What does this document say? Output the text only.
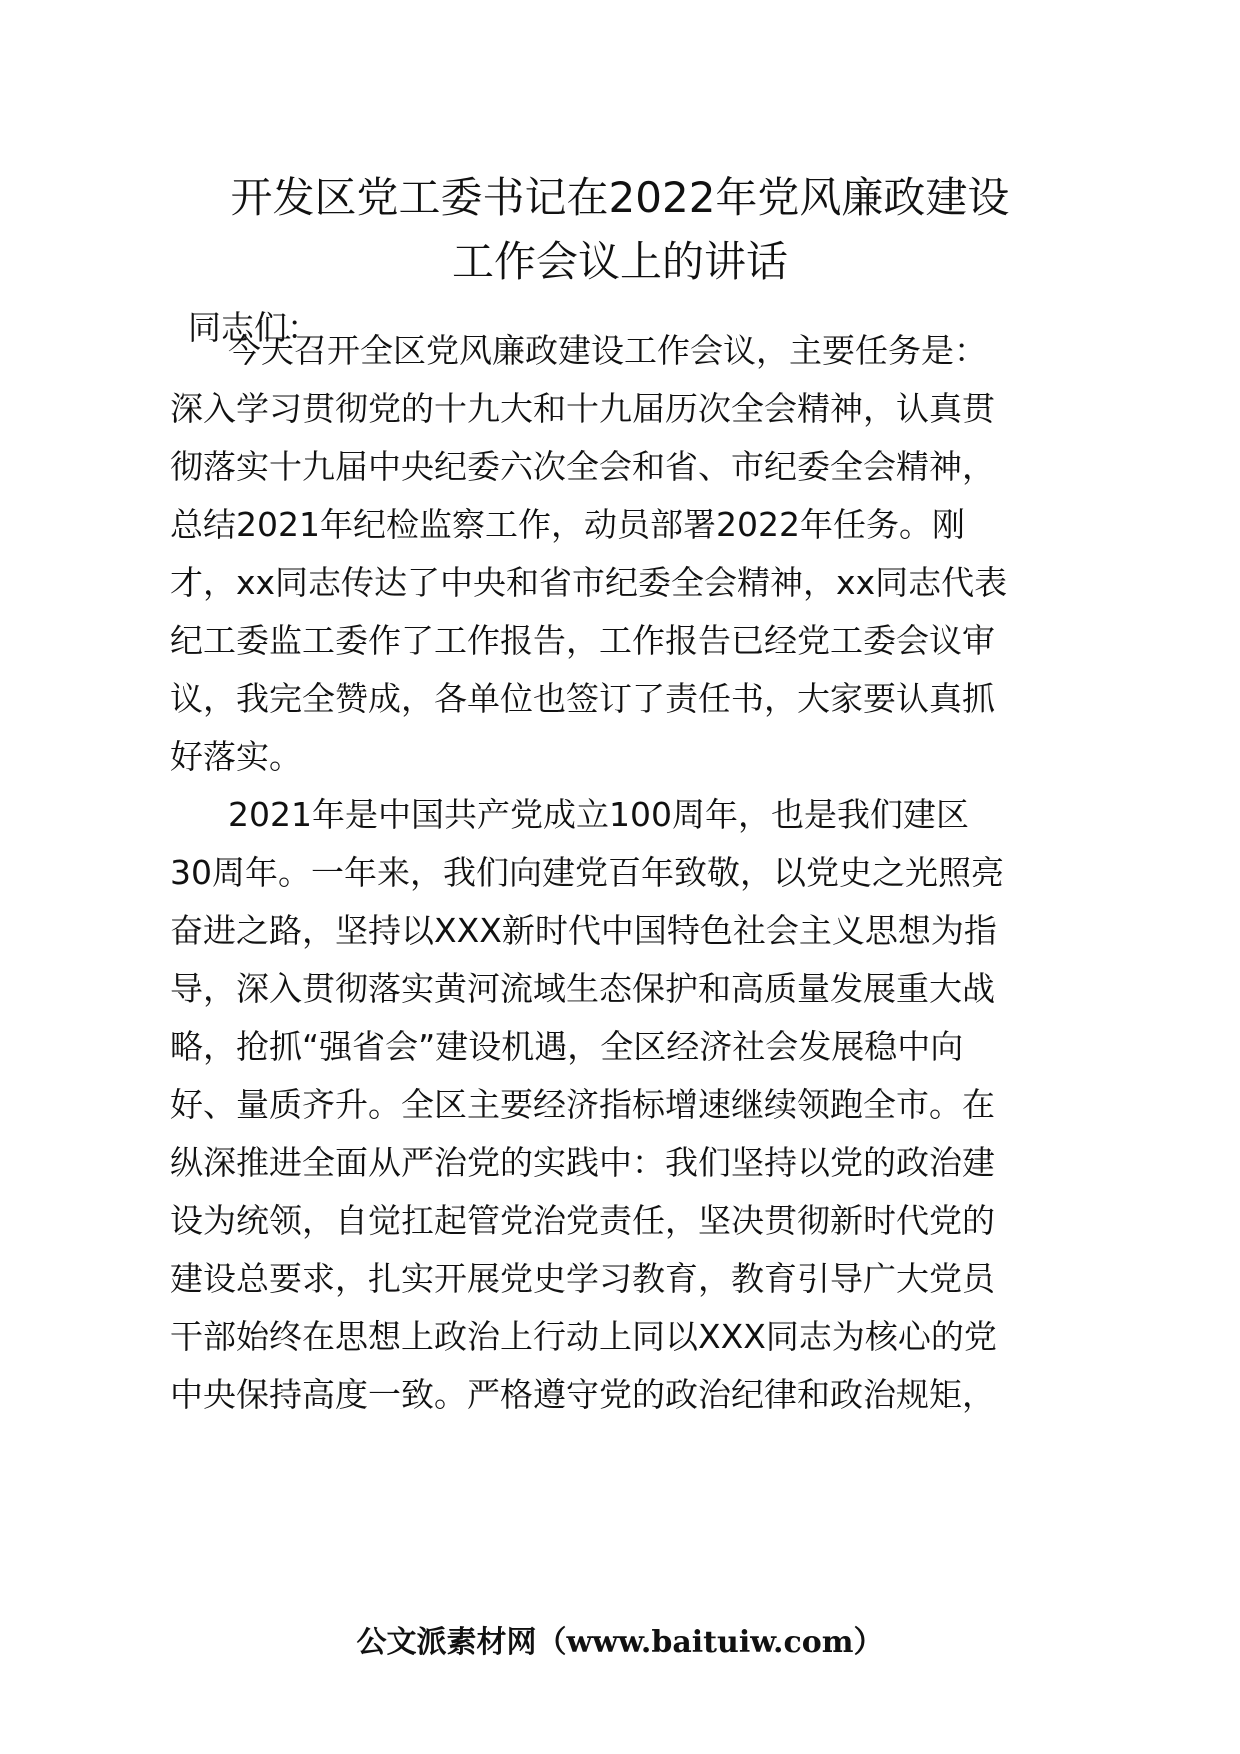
开发区党工委书记在2022年党风廉政建设
工作会议上的讲话
同志们：
今天召开全区党风廉政建设工作会议，主要任务是：
深入学习贯彻党的十九大和十九届历次全会精神，认真贯
彻落实十九届中央纪委六次全会和省、市纪委全会精神，
总结2021年纪检监察工作，动员部署2022年任务。刚
才，xx同志传达了中央和省市纪委全会精神，xx同志代表
纪工委监工委作了工作报告，工作报告已经党工委会议审
议，我完全赞成，各单位也签订了责任书，大家要认真抓
好落实。
2021年是中国共产党成立100周年，也是我们建区
30周年。一年来，我们向建党百年致敬，以党史之光照亮
奋进之路，坚持以XXX新时代中国特色社会主义思想为指
导，深入贯彻落实黄河流域生态保护和高质量发展重大战
略，抢抓“强省会”建设机遇，全区经济社会发展稳中向
好、量质齐升。全区主要经济指标增速继续领跑全市。在
纵深推进全面从严治党的实践中：我们坚持以党的政治建
设为统领，自觉扛起管党治党责任，坚决贯彻新时代党的
建设总要求，扎实开展党史学习教育，教育引导广大党员
干部始终在思想上政治上行动上同以XXX同志为核心的党
中央保持高度一致。严格遵守党的政治纪律和政治规矩，
公文派素材网（www.baituiw.com）
